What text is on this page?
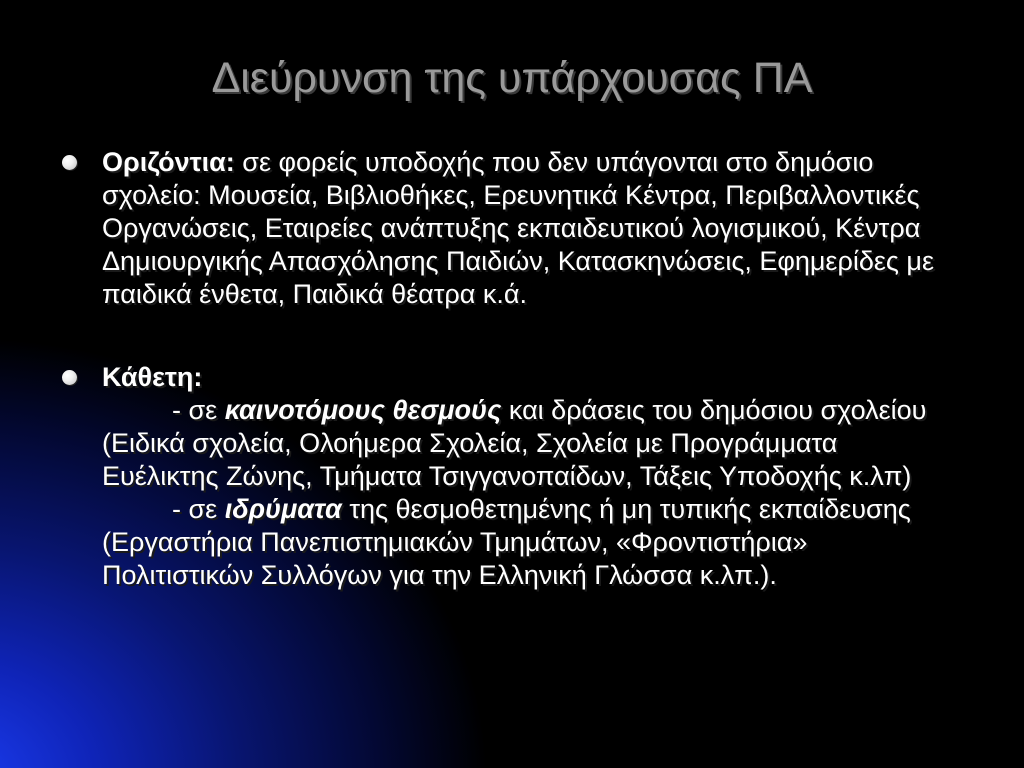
Διεύρυνση της υπάρχουσας ΠΑ
Οριζόντια: σε φορείς υποδοχής που δεν υπάγονται στο δημόσιο σχολείο: Μουσεία, Βιβλιοθήκες, Ερευνητικά Κέντρα, Περιβαλλοντικές Οργανώσεις, Εταιρείες ανάπτυξης εκπαιδευτικού λογισμικού, Κέντρα Δημιουργικής Απασχόλησης Παιδιών, Κατασκηνώσεις, Εφημερίδες με παιδικά ένθετα, Παιδικά θέατρα κ.ά.
Κάθετη:
- σε καινοτόμους θεσμούς και δράσεις του δημόσιου σχολείου (Ειδικά σχολεία, Ολοήμερα Σχολεία, Σχολεία με Προγράμματα Ευέλικτης Ζώνης, Τμήματα Τσιγγανοπαίδων, Τάξεις Υποδοχής κ.λπ)
- σε ιδρύματα της θεσμοθετημένης ή μη τυπικής εκπαίδευσης (Εργαστήρια Πανεπιστημιακών Τμημάτων, «Φροντιστήρια» Πολιτιστικών Συλλόγων για την Ελληνική Γλώσσα κ.λπ.).
